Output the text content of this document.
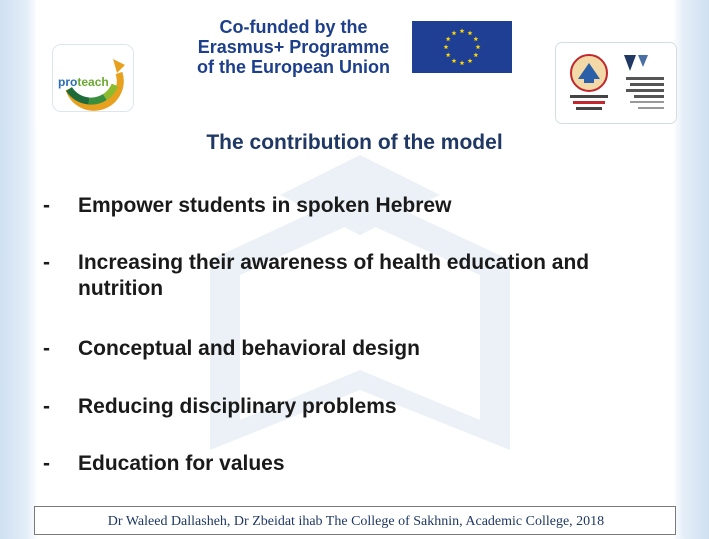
proteach
Co-funded by the
Erasmus+ Programme
of the European Union
The contribution of the model
-	Empower students in spoken Hebrew
-	Increasing their awareness of health education and nutrition
-	Conceptual and behavioral design
-	Reducing disciplinary problems
-	Education for values
Dr Waleed Dallasheh, Dr Zbeidat ihab The College of Sakhnin, Academic College, 2018
